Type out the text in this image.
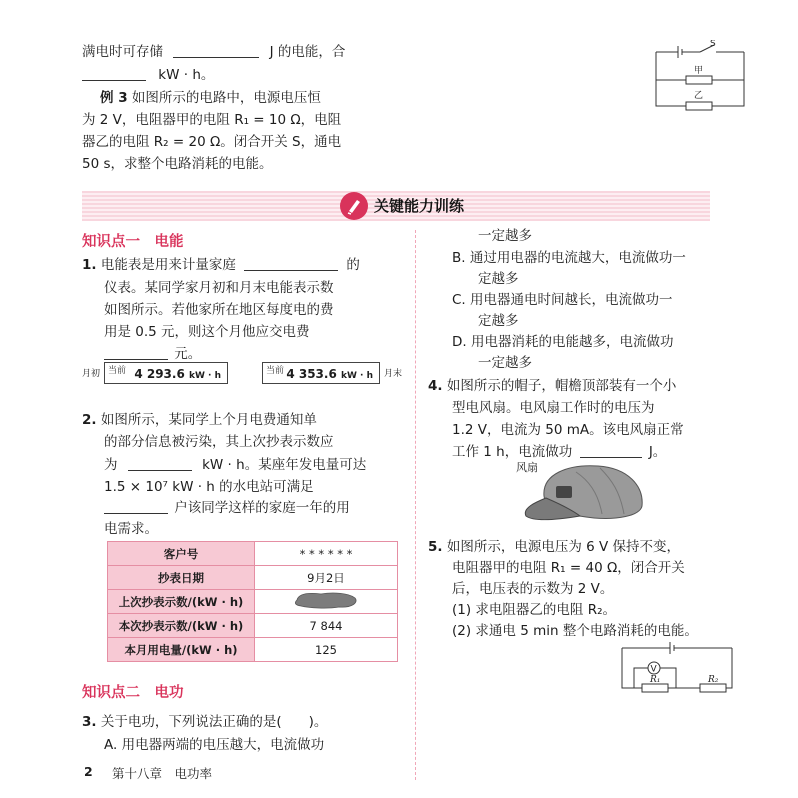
满电时可存储	J 的电能，合
kW · h。
例 3 如图所示的电路中，电源电压恒
为 2 V，电阻器甲的电阻 R₁ = 10 Ω，电阻
器乙的电阻 R₂ = 20 Ω。闭合开关 S，通电
50 s，求整个电路消耗的电能。
S
甲
乙
关键能力训练
知识点一　电能
1. 电能表是用来计量家庭	的
仪表。某同学家月初和月末电能表示数
如图所示。若他家所在地区每度电的费
用是 0.5 元，则这个月他应交电费
元。
月初 当前 4 293.6 kW · h	当前 4 353.6 kW · h 月末
2. 如图所示，某同学上个月电费通知单
的部分信息被污染，其上次抄表示数应
为	kW · h。某座年发电量可达
1.5 × 10⁷ kW · h 的水电站可满足
户该同学这样的家庭一年的用
电需求。
客户号	* * * * * *
抄表日期	9月2日
上次抄表示数/(kW · h)	
本次抄表示数/(kW · h)	7 844
本月用电量/(kW · h)	125
知识点二　电功
3. 关于电功，下列说法正确的是(　　)。
A. 用电器两端的电压越大，电流做功
一定越多
B. 通过用电器的电流越大，电流做功一
定越多
C. 用电器通电时间越长，电流做功一
定越多
D. 用电器消耗的电能越多，电流做功
一定越多
4. 如图所示的帽子，帽檐顶部装有一个小
型电风扇。电风扇工作时的电压为
1.2 V，电流为 50 mA。该电风扇正常
工作 1 h，电流做功	J。
风扇
5. 如图所示，电源电压为 6 V 保持不变，
电阻器甲的电阻 R₁ = 40 Ω，闭合开关
后，电压表的示数为 2 V。
(1) 求电阻器乙的电阻 R₂。
(2) 求通电 5 min 整个电路消耗的电能。
V
R₁	R₂
2 第十八章　电功率
